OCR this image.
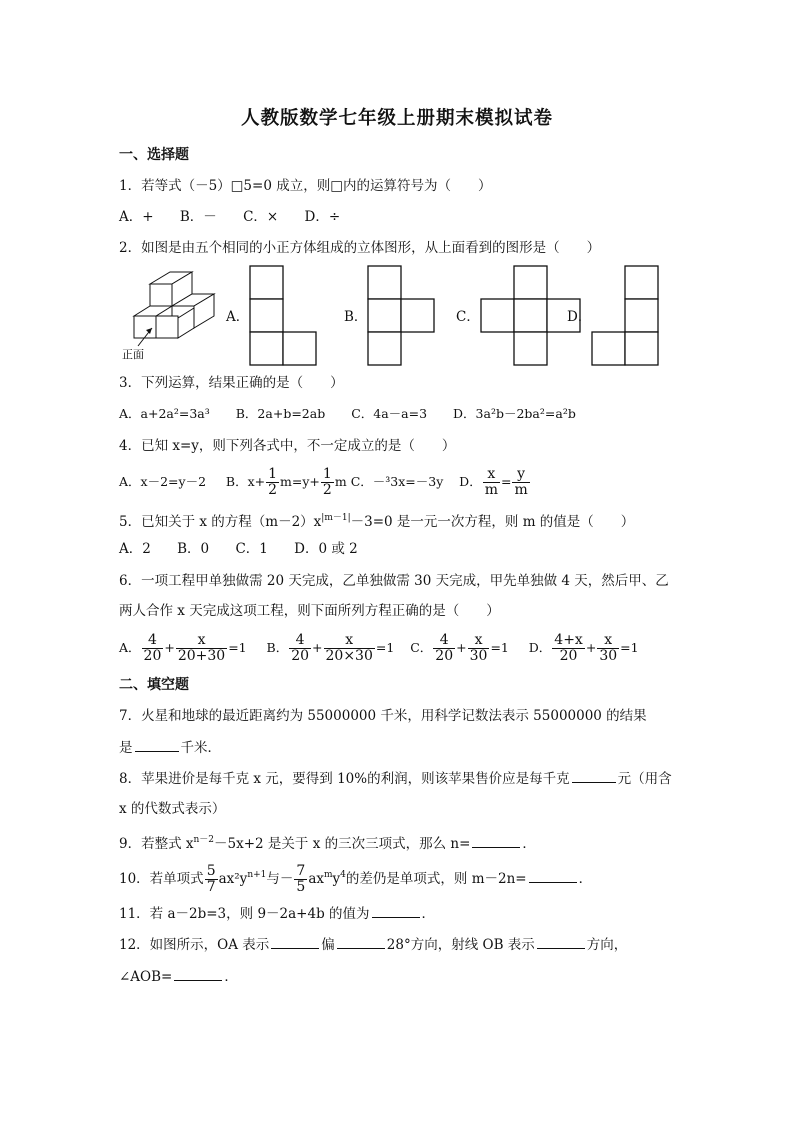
人教版数学七年级上册期末模拟试卷
一、选择题
1．若等式（－5）□5=0 成立，则□内的运算符号为（　　）
A．+ B．－ C．× D．÷
2．如图是由五个相同的小正方体组成的立体图形，从上面看到的图形是（　　）
正面
A．	B．	C．	D．
3．下列运算，结果正确的是（　　）
A．a+2a²=3a³ B．2a+b=2ab C．4a－a=3 D．3a²b－2ba²=a²b
4．已知 x=y，则下列各式中，不一定成立的是（　　）
A．x－2=y－2 B．$x+ \frac{1}{2} m=y+ \frac{1}{2}$ m C．－³3x=－3y D． $\frac{x}{m} = \frac{y}{m}$
5．已知关于 x 的方程$(m-2)x^{|m-1|}-3=0$ 是一元一次方程，则 m 的值是（　　）
A．2 B．0 C．1 D．0 或 2
6．一项工程甲单独做需 20 天完成，乙单独做需 30 天完成，甲先单独做 4 天，然后甲、乙
两人合作 x 天完成这项工程，则下面所列方程正确的是（　　）
A． $\frac{4}{20} + \frac{x}{20+30} =1$ B． $\frac{4}{20} + \frac{x}{20\times 30} =1$ C． $\frac{4}{20} + \frac{x}{30} =1$ D． $\frac{4+x}{20} + \frac{x}{30} =1$
二、填空题
7．火星和地球的最近距离约为 55000000 千米，用科学记数法表示 55000000 的结果
是	千米．
8．苹果进价是每千克 x 元，要得到 10%的利润，则该苹果售价应是每千克	元（用含
x 的代数式表示）
9．若整式 $x^{n-2}-5x+2$ 是关于 x 的三次三项式，那么 n=	．
10．若单项式 $\frac{5}{7} ax^2y^{n+1}$与－ $\frac{7}{5} ax^my^4$的差仍是单项式，则 m－2n=	．
11．若 a－2b=3，则 9－2a+4b 的值为	．
12．如图所示，OA 表示	偏	28°方向，射线 OB 表示	方向，
∠AOB=	．
